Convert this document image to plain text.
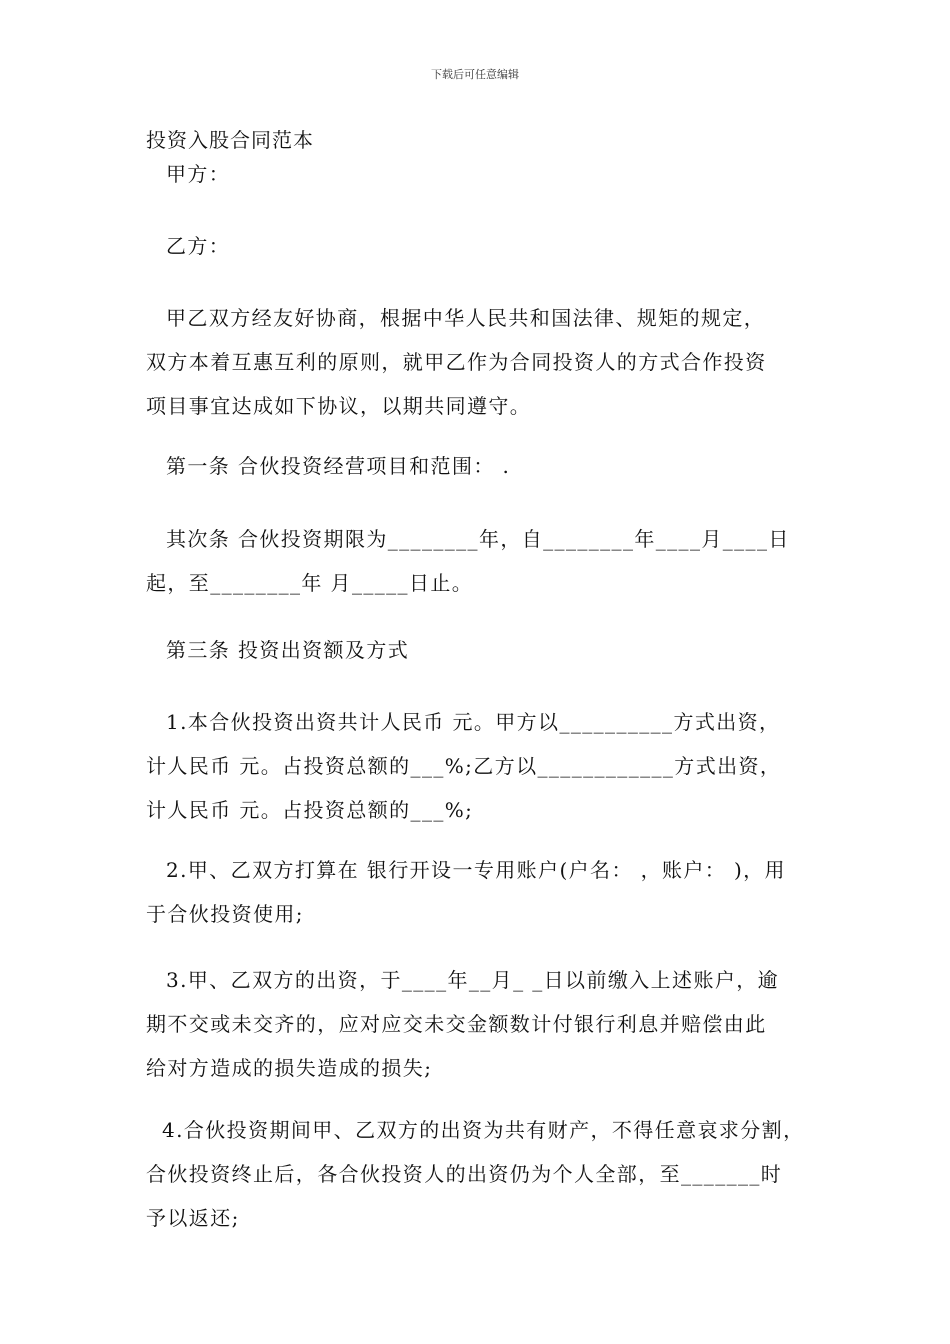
下载后可任意编辑
投资入股合同范本
甲方：
乙方：
甲乙双方经友好协商，根据中华人民共和国法律、规矩的规定，
双方本着互惠互利的原则，就甲乙作为合同投资人的方式合作投资
项目事宜达成如下协议，以期共同遵守。
第一条 合伙投资经营项目和范围： .
其次条 合伙投资期限为________年，自________年____月____日
起，至________年 月_____日止。
第三条 投资出资额及方式
1.本合伙投资出资共计人民币 元。甲方以__________方式出资，
计人民币 元。占投资总额的___%;乙方以____________方式出资，
计人民币 元。占投资总额的___%;
2.甲、乙双方打算在 银行开设一专用账户(户名： ，账户： )，用
于合伙投资使用;
3.甲、乙双方的出资，于____年__月_ _日以前缴入上述账户，逾
期不交或未交齐的，应对应交未交金额数计付银行利息并赔偿由此
给对方造成的损失造成的损失;
4.合伙投资期间甲、乙双方的出资为共有财产，不得任意哀求分割，
合伙投资终止后，各合伙投资人的出资仍为个人全部，至_______时
予以返还;
